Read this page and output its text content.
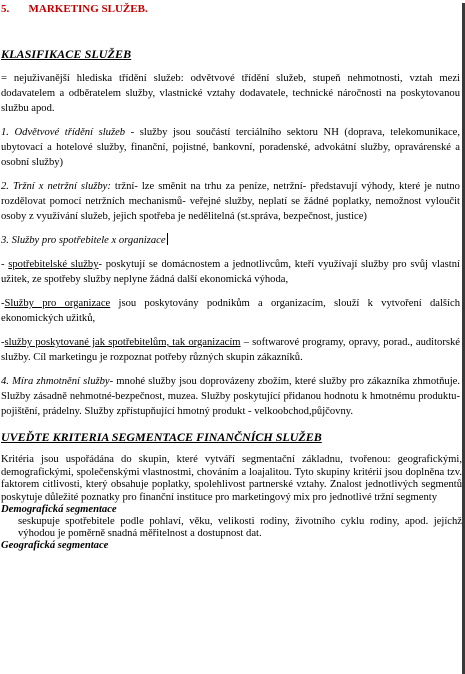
5.       MARKETING SLUŽEB.

KLASIFIKACE SLUŽEB

= nejuživanější hlediska třídění služeb: odvětvové třídění služeb, stupeň nehmotnosti, vztah mezi dodavatelem a odběratelem služby, vlastnické vztahy dodavatele, technické náročnosti na poskytovanou službu apod.

1. Odvětvové třídění služeb - služby jsou součástí terciálního sektoru NH (doprava, telekomunikace, ubytovací a hotelové služby, finanční, pojistné, bankovní, poradenské, advokátní služby, opravárenské a osobní služby)

2. Tržní x netržní služby: tržní- lze směnit na trhu za peníze, netržní- představují výhody, které je nutno rozdělovat pomocí netržních mechanismů- veřejné služby, neplatí se žádné poplatky, nemožnost vyloučit osoby z využívání služeb, jejich spotřeba je nedělitelná (st.správa, bezpečnost, justice)

3. Služby pro spotřebitele x organizace

- spotřebitelské služby- poskytují se domácnostem a jednotlivcům, kteří využívají služby pro svůj vlastní užitek, ze spotřeby služby neplyne žádná další ekonomická výhoda,

-Služby pro organizace jsou poskytovány podnikům a organizacím, slouží k vytvoření dalších ekonomických užitků,

-služby poskytované jak spotřebitelům, tak organizacím – softwarové programy, opravy, porad., auditorské služby. Cíl marketingu je rozpoznat potřeby různých skupin zákazníků.

4. Míra zhmotnění služby- mnohé služby jsou doprovázeny zbožím, které služby pro zákazníka zhmotňuje. Služby zásadně nehmotné-bezpečnost, muzea. Služby poskytující přidanou hodnotu k hmotnému produktu-pojištění, prádelny. Služby zpřístupňující hmotný produkt - velkoobchod,půjčovny.

UVEĎTE KRITERIA SEGMENTACE FINANČNÍCH SLUŽEB

Kritéria jsou uspořádána do skupin, které vytváří segmentační základnu, tvořenou: geografickými, demografickými, společenskými vlastnostmi, chováním a loajalitou. Tyto skupiny kritérií jsou doplněna tzv. faktorem citlivosti, který obsahuje poplatky, spolehlivost partnerské vztahy. Znalost jednotlivých segmentů poskytuje důležité poznatky pro finanční instituce pro marketingový mix pro jednotlivé tržní segmenty

Demografická segmentace

seskupuje spotřebitele podle pohlaví, věku, velikosti rodiny, životního cyklu rodiny, apod. jejíchž výhodou je poměrně snadná měřitelnost a dostupnost dat.

Geografická segmentace
